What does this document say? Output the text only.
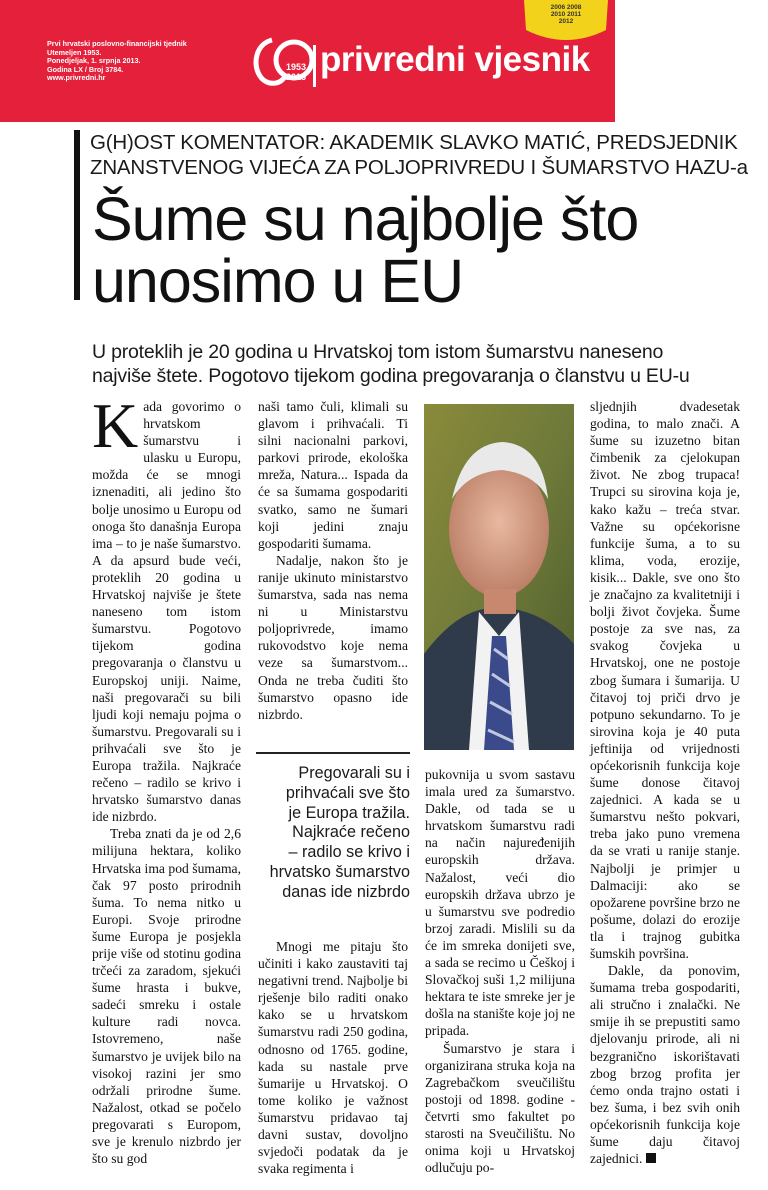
Prvi hrvatski poslovno-financijski tjednik
Utemeljen 1953.
Ponedjeljak, 1. srpnja 2013.
Godina LX / Broj 3784.
www.privredni.hr
1953
2013 privredni vjesnik
2006 2008
2010 2011
2012
G(H)OST KOMENTATOR: AKADEMIK SLAVKO MATIĆ, PREDSJEDNIK
ZNANSTVENOG VIJEĆA ZA POLJOPRIVREDU I ŠUMARSTVO HAZU-a
Šume su najbolje što
unosimo u EU
U proteklih je 20 godina u Hrvatskoj tom istom šumarstvu naneseno
najviše štete. Pogotovo tijekom godina pregovaranja o članstvu u EU-u

Kada govorimo o hrvatskom šumarstvu i ulasku u Europu, možda će se mnogi iznenaditi, ali jedino što bolje unosimo u Europu od onoga što današnja Europa ima – to je naše šumarstvo. A da apsurd bude veći, proteklih 20 godina u Hrvatskoj najviše je štete naneseno tom istom šumarstvu. Pogotovo tijekom godina pregovaranja o članstvu u Europskoj uniji. Naime, naši pregovarači su bili ljudi koji nemaju pojma o šumarstvu. Pregovarali su i prihvaćali sve što je Europa tražila. Najkraće rečeno – radilo se krivo i hrvatsko šumarstvo danas ide nizbrdo.

Treba znati da je od 2,6 milijuna hektara, koliko Hrvatska ima pod šumama, čak 97 posto prirodnih šuma. To nema nitko u Europi. Svoje prirodne šume Europa je posjekla prije više od stotinu godina trčeći za zaradom, sjekući šume hrasta i bukve, sadeći smreku i ostale kulture radi novca. Istovremeno, naše šumarstvo je uvijek bilo na visokoj razini jer smo održali prirodne šume. Nažalost, otkad se počelo pregovarati s Europom, sve je krenulo nizbrdo jer što su god

naši tamo čuli, klimali su glavom i prihvaćali. Ti silni nacionalni parkovi, parkovi prirode, ekološka mreža, Natura... Ispada da će sa šumama gospodariti svatko, samo ne šumari koji jedini znaju gospodariti šumama.

Nadalje, nakon što je ranije ukinuto ministarstvo šumarstva, sada nas nema ni u Ministarstvu poljoprivrede, imamo rukovodstvo koje nema veze sa šumarstvom... Onda ne treba čuditi što šumarstvo opasno ide nizbrdo.

Pregovarali su i
prihvaćali sve što
je Europa tražila.
Najkraće rečeno
– radilo se krivo i
hrvatsko šumarstvo
danas ide nizbrdo

Mnogi me pitaju što učiniti i kako zaustaviti taj negativni trend. Najbolje bi rješenje bilo raditi onako kako se u hrvatskom šumarstvu radi 250 godina, odnosno od 1765. godine, kada su nastale prve šumarije u Hrvatskoj. O tome koliko je važnost šumarstvu pridavao taj davni sustav, dovoljno svjedoči podatak da je svaka regimenta i

pukovnija u svom sastavu imala ured za šumarstvo. Dakle, od tada se u hrvatskom šumarstvu radi na način najuređenijih europskih država. Nažalost, veći dio europskih država ubrzo je u šumarstvu sve podredio brzoj zaradi. Mislili su da će im smreka donijeti sve, a sada se recimo u Češkoj i Slovačkoj suši 1,2 milijuna hektara te iste smreke jer je došla na stanište koje joj ne pripada.

Šumarstvo je stara i organizirana struka koja na Zagrebačkom sveučilištu postoji od 1898. godine - četvrti smo fakultet po starosti na Sveučilištu. No onima koji u Hrvatskoj odlučuju po-

sljednjih dvadesetak godina, to malo znači. A šume su izuzetno bitan čimbenik za cjelokupan život. Ne zbog trupaca! Trupci su sirovina koja je, kako kažu – treća stvar. Važne su općekorisne funkcije šuma, a to su klima, voda, erozije, kisik... Dakle, sve ono što je značajno za kvalitetniji i bolji život čovjeka. Šume postoje za sve nas, za svakog čovjeka u Hrvatskoj, one ne postoje zbog šumara i šumarija. U čitavoj toj priči drvo je potpuno sekundarno. To je sirovina koja je 40 puta jeftinija od vrijednosti općekorisnih funkcija koje šume donose čitavoj zajednici. A kada se u šumarstvu nešto pokvari, treba jako puno vremena da se vrati u ranije stanje. Najbolji je primjer u Dalmaciji: ako se opožarene površine brzo ne pošume, dolazi do erozije tla i trajnog gubitka šumskih površina.

Dakle, da ponovim, šumama treba gospodariti, ali stručno i znalački. Ne smije ih se prepustiti samo djelovanju prirode, ali ni bezgranično iskorištavati zbog brzog profita jer ćemo onda trajno ostati i bez šuma, i bez svih onih općekorisnih funkcija koje šume daju čitavoj zajednici.
